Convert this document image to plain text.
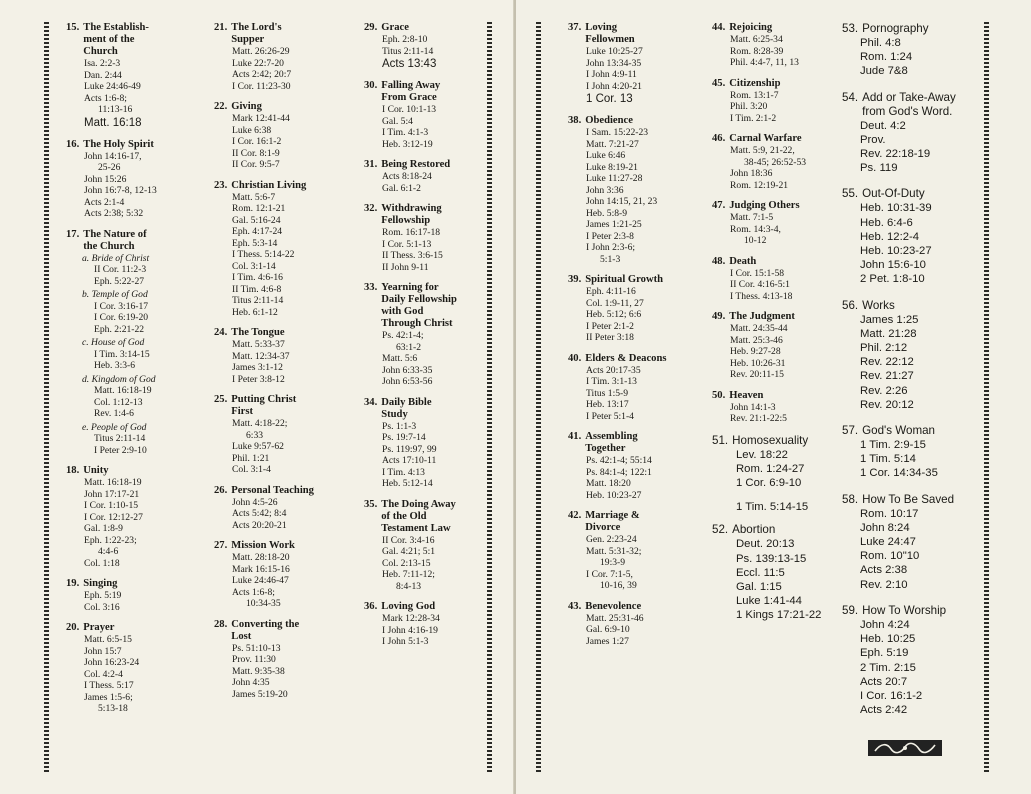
15. The Establish-
ment of the
Church
Isa. 2:2-3
Dan. 2:44
Luke 24:46-49
Acts 1:6-8;
11:13-16
Matt. 16:18
16. The Holy Spirit
John 14:16-17,
25-26
John 15:26
John 16:7-8, 12-13
Acts 2:1-4
Acts 2:38; 5:32
17. The Nature of
the Church
a. Bride of Christ
II Cor. 11:2-3
Eph. 5:22-27
b. Temple of God
I Cor. 3:16-17
I Cor. 6:19-20
Eph. 2:21-22
c. House of God
I Tim. 3:14-15
Heb. 3:3-6
d. Kingdom of God
Matt. 16:18-19
Col. 1:12-13
Rev. 1:4-6
e. People of God
Titus 2:11-14
I Peter 2:9-10
18. Unity
Matt. 16:18-19
John 17:17-21
I Cor. 1:10-15
I Cor. 12:12-27
Gal. 1:8-9
Eph. 1:22-23;
4:4-6
Col. 1:18
19. Singing
Eph. 5:19
Col. 3:16
20. Prayer
Matt. 6:5-15
John 15:7
John 16:23-24
Col. 4:2-4
I Thess. 5:17
James 1:5-6;
5:13-18
21. The Lord's
Supper
Matt. 26:26-29
Luke 22:7-20
Acts 2:42; 20:7
I Cor. 11:23-30
22. Giving
Mark 12:41-44
Luke 6:38
I Cor. 16:1-2
II Cor. 8:1-9
II Cor. 9:5-7
23. Christian Living
Matt. 5:6-7
Rom. 12:1-21
Gal. 5:16-24
Eph. 4:17-24
Eph. 5:3-14
I Thess. 5:14-22
Col. 3:1-14
I Tim. 4:6-16
II Tim. 4:6-8
Titus 2:11-14
Heb. 6:1-12
24. The Tongue
Matt. 5:33-37
Matt. 12:34-37
James 3:1-12
I Peter 3:8-12
25. Putting Christ
First
Matt. 4:18-22;
6:33
Luke 9:57-62
Phil. 1:21
Col. 3:1-4
26. Personal Teaching
John 4:5-26
Acts 5:42; 8:4
Acts 20:20-21
27. Mission Work
Matt. 28:18-20
Mark 16:15-16
Luke 24:46-47
Acts 1:6-8;
10:34-35
28. Converting the
Lost
Ps. 51:10-13
Prov. 11:30
Matt. 9:35-38
John 4:35
James 5:19-20
29. Grace
Eph. 2:8-10
Titus 2:11-14
Acts 13:43
30. Falling Away
From Grace
I Cor. 10:1-13
Gal. 5:4
I Tim. 4:1-3
Heb. 3:12-19
31. Being Restored
Acts 8:18-24
Gal. 6:1-2
32. Withdrawing
Fellowship
Rom. 16:17-18
I Cor. 5:1-13
II Thess. 3:6-15
II John 9-11
33. Yearning for
Daily Fellowship
with God
Through Christ
Ps. 42:1-4;
63:1-2
Matt. 5:6
John 6:33-35
John 6:53-56
34. Daily Bible
Study
Ps. 1:1-3
Ps. 19:7-14
Ps. 119:97, 99
Acts 17:10-11
I Tim. 4:13
Heb. 5:12-14
35. The Doing Away
of the Old
Testament Law
II Cor. 3:4-16
Gal. 4:21; 5:1
Col. 2:13-15
Heb. 7:11-12;
8:4-13
36. Loving God
Mark 12:28-34
I John 4:16-19
I John 5:1-3
37. Loving
Fellowmen
Luke 10:25-27
John 13:34-35
I John 4:9-11
I John 4:20-21
1 Cor. 13
38. Obedience
I Sam. 15:22-23
Matt. 7:21-27
Luke 6:46
Luke 8:19-21
Luke 11:27-28
John 3:36
John 14:15, 21, 23
Heb. 5:8-9
James 1:21-25
I Peter 2:3-8
I John 2:3-6;
5:1-3
39. Spiritual Growth
Eph. 4:11-16
Col. 1:9-11, 27
Heb. 5:12; 6:6
I Peter 2:1-2
II Peter 3:18
40. Elders & Deacons
Acts 20:17-35
I Tim. 3:1-13
Titus 1:5-9
Heb. 13:17
I Peter 5:1-4
41. Assembling
Together
Ps. 42:1-4; 55:14
Ps. 84:1-4; 122:1
Matt. 18:20
Heb. 10:23-27
42. Marriage &
Divorce
Gen. 2:23-24
Matt. 5:31-32;
19:3-9
I Cor. 7:1-5,
10-16, 39
43. Benevolence
Matt. 25:31-46
Gal. 6:9-10
James 1:27
44. Rejoicing
Matt. 6:25-34
Rom. 8:28-39
Phil. 4:4-7, 11, 13
45. Citizenship
Rom. 13:1-7
Phil. 3:20
I Tim. 2:1-2
46. Carnal Warfare
Matt. 5:9, 21-22,
38-45; 26:52-53
John 18:36
Rom. 12:19-21
47. Judging Others
Matt. 7:1-5
Rom. 14:3-4,
10-12
48. Death
I Cor. 15:1-58
II Cor. 4:16-5:1
I Thess. 4:13-18
49. The Judgment
Matt. 24:35-44
Matt. 25:3-46
Heb. 9:27-28
Heb. 10:26-31
Rev. 20:11-15
50. Heaven
John 14:1-3
Rev. 21:1-22:5
51. Homosexuality
Lev. 18:22
Rom. 1:24-27
1 Cor. 6:9-10
1 Tim. 5:14-15
52. Abortion
Deut. 20:13
Ps. 139:13-15
Eccl. 11:5
Gal. 1:15
Luke 1:41-44
1 Kings 17:21-22
53. Pornography
Phil. 4:8
Rom. 1:24
Jude 7&8
54. Add or Take-Away
from God's Word.
Deut. 4:2
Prov.
Rev. 22:18-19
Ps. 119
55. Out-Of-Duty
Heb. 10:31-39
Heb. 6:4-6
Heb. 12:2-4
Heb. 10:23-27
John 15:6-10
2 Pet. 1:8-10
56. Works
James 1:25
Matt. 21:28
Phil. 2:12
Rev. 22:12
Rev. 21:27
Rev. 2:26
Rev. 20:12
57. God's Woman
1 Tim. 2:9-15
1 Tim. 5:14
1 Cor. 14:34-35
58. How To Be Saved
Rom. 10:17
John 8:24
Luke 24:47
Rom. 10"10
Acts 2:38
Rev. 2:10
59. How To Worship
John 4:24
Heb. 10:25
Eph. 5:19
2 Tim. 2:15
Acts 20:7
I Cor. 16:1-2
Acts 2:42
